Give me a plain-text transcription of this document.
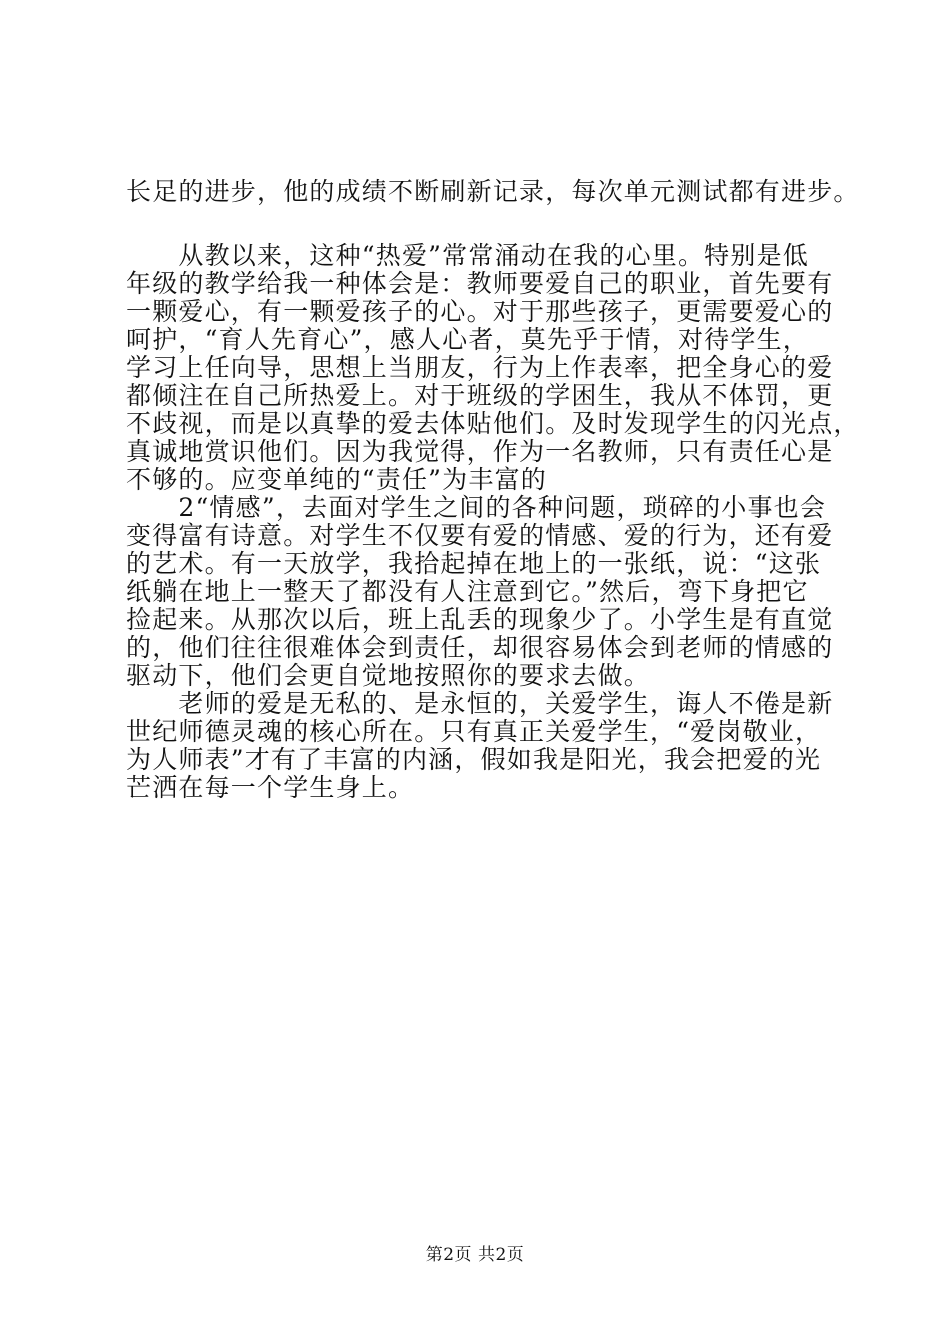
长足的进步，他的成绩不断刷新记录，每次单元测试都有进步。
　　从教以来，这种“热爱”常常涌动在我的心里。特别是低
年级的教学给我一种体会是：教师要爱自己的职业，首先要有
一颗爱心，有一颗爱孩子的心。对于那些孩子，更需要爱心的
呵护，“育人先育心”，感人心者，莫先乎于情，对待学生，
学习上任向导，思想上当朋友，行为上作表率，把全身心的爱
都倾注在自己所热爱上。对于班级的学困生，我从不体罚，更
不歧视，而是以真挚的爱去体贴他们。及时发现学生的闪光点，
真诚地赏识他们。因为我觉得，作为一名教师，只有责任心是
不够的。应变单纯的“责任”为丰富的
　　2“情感”，去面对学生之间的各种问题，琐碎的小事也会
变得富有诗意。对学生不仅要有爱的情感、爱的行为，还有爱
的艺术。有一天放学，我拾起掉在地上的一张纸，说：“这张
纸躺在地上一整天了都没有人注意到它。”然后，弯下身把它
捡起来。从那次以后，班上乱丢的现象少了。小学生是有直觉
的，他们往往很难体会到责任，却很容易体会到老师的情感的
驱动下，他们会更自觉地按照你的要求去做。
　　老师的爱是无私的、是永恒的，关爱学生，诲人不倦是新
世纪师德灵魂的核心所在。只有真正关爱学生，“爱岗敬业，
为人师表”才有了丰富的内涵，假如我是阳光，我会把爱的光
芒洒在每一个学生身上。
第2页 共2页
